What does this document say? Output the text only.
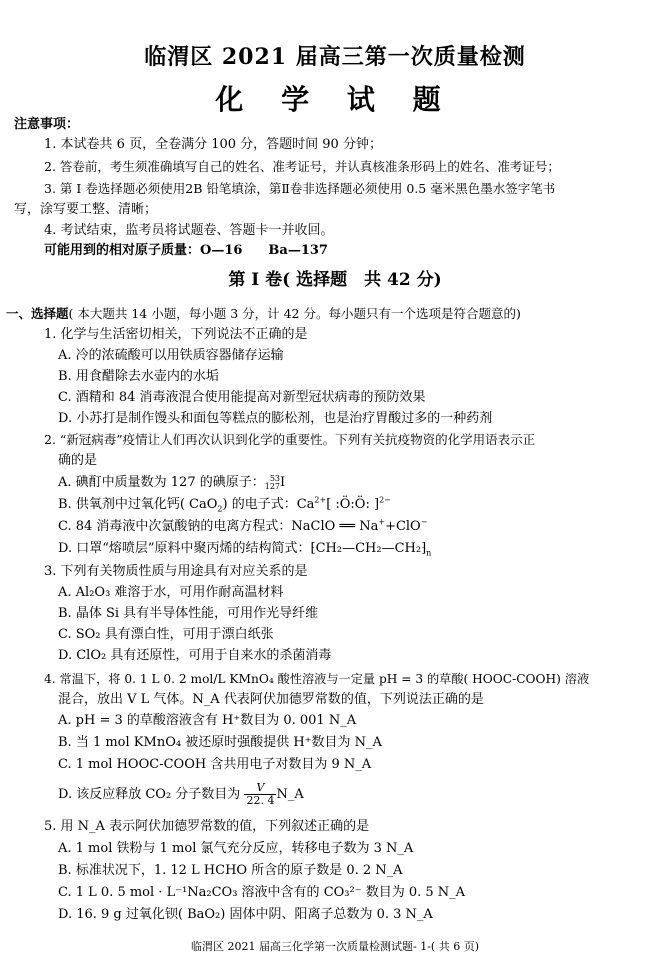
临渭区 2021 届高三第一次质量检测
化 学 试 题
注意事项：
1. 本试卷共 6 页，全卷满分 100 分，答题时间 90 分钟；
2. 答卷前，考生须准确填写自己的姓名、准考证号，并认真核准条形码上的姓名、准考证号；
3. 第 Ⅰ 卷选择题必须使用2B 铅笔填涂，第Ⅱ卷非选择题必须使用 0.5 毫米黑色墨水签字笔书
写，涂写要工整、清晰；
4. 考试结束，监考员将试题卷、答题卡一并收回。
可能用到的相对原子质量：O—16　　Ba—137
第 Ⅰ 卷( 选择题　共 42 分)
一、选择题( 本大题共 14 小题，每小题 3 分，计 42 分。每小题只有一个选项是符合题意的)
1. 化学与生活密切相关，下列说法不正确的是
A. 冷的浓硫酸可以用铁质容器储存运输
B. 用食醋除去水壶内的水垢
C. 酒精和 84 消毒液混合使用能提高对新型冠状病毒的预防效果
D. 小苏打是制作馒头和面包等糕点的膨松剂，也是治疗胃酸过多的一种药剂
2. “新冠病毒”疫情让人们再次认识到化学的重要性。下列有关抗疫物资的化学用语表示正
确的是
A. 碘酊中质量数为 127 的碘原子： 53
127 I
B. 供氧剂中过氧化钙( CaO$_2$) 的电子式：$Ca^{2+}$[ :Ö:Ö: ]$^{2-}$
C. 84 消毒液中次氯酸钠的电离方程式：NaClO ══ Na++ClO−
D. 口罩“熔喷层”原料中聚丙烯的结构简式：$⁅CH_2—CH_2—CH_2⁆_n$
3. 下列有关物质性质与用途具有对应关系的是
A. Al₂O₃ 难溶于水，可用作耐高温材料
B. 晶体 Si 具有半导体性能，可用作光导纤维
C. SO₂ 具有漂白性，可用于漂白纸张
D. ClO₂ 具有还原性，可用于自来水的杀菌消毒
4. 常温下，将 0. 1 L 0. 2 mol/L KMnO₄ 酸性溶液与一定量 pH = 3 的草酸( HOOC-COOH) 溶液
混合，放出 V L 气体。N_A 代表阿伏加德罗常数的值，下列说法正确的是
A. pH = 3 的草酸溶液含有 H⁺数目为 0. 001 N_A
B. 当 1 mol KMnO₄ 被还原时强酸提供 H⁺数目为 N_A
C. 1 mol HOOC-COOH 含共用电子对数目为 9 N_A
D. 该反应释放 CO₂ 分子数目为 $\frac{V}{22. 4}$ N_A
5. 用 N_A 表示阿伏加德罗常数的值，下列叙述正确的是
A. 1 mol 铁粉与 1 mol 氯气充分反应，转移电子数为 3 N_A
B. 标准状况下，1. 12 L HCHO 所含的原子数是 0. 2 N_A
C. 1 L 0. 5 mol · L⁻¹Na₂CO₃ 溶液中含有的 CO₃²⁻ 数目为 0. 5 N_A
D. 16. 9 g 过氧化钡( BaO₂) 固体中阴、阳离子总数为 0. 3 N_A
临渭区 2021 届高三化学第一次质量检测试题- 1-( 共 6 页)
